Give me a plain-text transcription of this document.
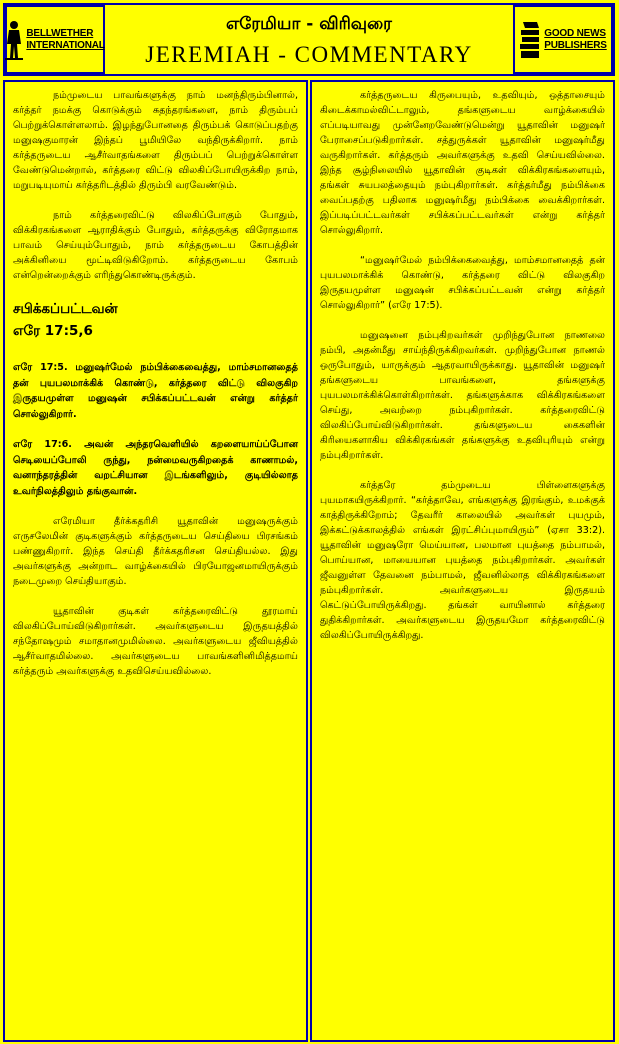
BELLWETHER
INTERNATIONAL
எரேமியா - விரிவுரை
JEREMIAH - COMMENTARY
GOOD NEWS
PUBLISHERS

நம்முடைய பாவங்களுக்கு நாம் மனந்திரும்பினால், கர்த்தர் நமக்கு கொடுக்கும் சுதந்தரங்களை, நாம் திரும்பப் பெற்றுக்கொள்ளலாம். இழந்துபோனதை திரும்பக் கொடுப்பதற்கு மனுஷகுமாரன் இந்தப் பூமியிலே வந்திருக்கிறார். நாம் கர்த்தருடைய ஆசீர்வாதங்களை திரும்பப் பெற்றுக்கொள்ள வேண்டுமென்றால், கர்த்தரை விட்டு விலகிப்போயிருக்கிற நாம், மறுபடியுமாய் கர்த்தரிடத்தில் திரும்பி வரவேண்டும்.

நாம் கர்த்தரைவிட்டு விலகிப்போகும் போதும், விக்கிரகங்களை ஆராதிக்கும் போதும், கர்த்தருக்கு விரோதமாக பாவம் செய்யும்போதும், நாம் கர்த்தருடைய கோபத்தின் அக்கினியை மூட்டிவிடுகிறோம். கர்த்தருடைய கோபம் என்றென்றைக்கும் எரிந்துகொண்டிருக்கும்.

சபிக்கப்பட்டவன்
எரே 17:5,6

எரே 17:5. மனுஷர்மேல் நம்பிக்கைவைத்து, மாம்சமானதைத் தன் புயபலமாக்கிக் கொண்டு, கர்த்தரை விட்டு விலகுகிற இருதயமுள்ள மனுஷன் சபிக்கப்பட்டவன் என்று கர்த்தர் சொல்லுகிறார்.

எரே 17:6. அவன் அந்தரவெளியில் கறளையாய்ப்போன செடியைப்போலி ருந்து, நன்மைவருகிறதைக் காணாமல், வனாந்தரத்தின் வறட்சியான இடங்களிலும், குடியில்லாத உவர்நிலத்திலும் தங்குவான்.

எரேமியா தீர்க்கதரிசி யூதாவின் மனுஷருக்கும் எருசலேமின் குடிகளுக்கும் கர்த்தருடைய செய்தியை பிரசங்கம் பண்ணுகிறார். இந்த செய்தி தீர்க்கதரிசன செய்தியல்ல. இது அவர்களுக்கு அன்றாட வாழ்க்கையில் பிரயோஜனமாயிருக்கும் நடைமுறை செய்தியாகும்.

யூதாவின் குடிகள் கர்த்தரைவிட்டு தூரமாய் விலகிப்போய்விடுகிறார்கள். அவர்களுடைய இருதயத்தில் சந்தோஷமும் சமாதானமுமில்லை. அவர்களுடைய ஜீவியத்தில் ஆசீர்வாதமில்லை. அவர்களுடைய பாவங்களினிமித்தமாய் கர்த்தரும் அவர்களுக்கு உதவிசெய்யவில்லை.

கர்த்தருடைய கிருபையும், உதவியும், ஒத்தாசையும் கிடைக்காமல்விட்டாலும், தங்களுடைய வாழ்க்கையில் எப்படியாவது முன்னேறவேண்டுமென்று யூதாவின் மனுஷர் பேராசைப்படுகிறார்கள். சத்துருக்கள் யூதாவின் மனுஷர்மீது வருகிறார்கள். கர்த்தரும் அவர்களுக்கு உதவி செய்யவில்லை. இந்த சூழ்நிலையில் யூதாவின் குடிகள் விக்கிரகங்களையும், தங்கள் சுயபலத்தையும் நம்புகிறார்கள். கர்த்தர்மீது நம்பிக்கை வைப்பதற்கு பதிலாக மனுஷர்மீது நம்பிக்கை வைக்கிறார்கள். இப்படிப்பட்டவர்கள் சபிக்கப்பட்டவர்கள் என்று கர்த்தர் சொல்லுகிறார்.

“மனுஷர்மேல் நம்பிக்கைவைத்து, மாம்சமானதைத் தன் புயபலமாக்கிக் கொண்டு, கர்த்தரை விட்டு விலகுகிற இருதயமுள்ள மனுஷன் சபிக்கப்பட்டவன் என்று கர்த்தர் சொல்லுகிறார்” (எரே 17:5).

மனுஷனை நம்புகிறவர்கள் முறிந்துபோன நாணலை நம்பி, அதன்மீது சாய்ந்திருக்கிறவர்கள். முறிந்துபோன நாணல் ஒருபோதும், யாருக்கும் ஆதரவாயிருக்காது. யூதாவின் மனுஷர் தங்களுடைய பாவங்களை, தங்களுக்கு புயபலமாக்கிக்கொள்கிறார்கள். தங்களுக்காக விக்கிரகங்களை செய்து, அவற்றை நம்புகிறார்கள். கர்த்தரைவிட்டு விலகிப்போய்விடுகிறார்கள். தங்களுடைய கைகளின் கிரியைகளாகிய விக்கிரகங்கள் தங்களுக்கு உதவிபுரியும் என்று நம்புகிறார்கள்.

கர்த்தரே தம்முடைய பிள்ளைகளுக்கு புயமாகயிருக்கிறார். “கர்த்தாவே, எங்களுக்கு இரங்கும், உமக்குக் காத்திருக்கிறோம்; தேவரீர் காலையில் அவர்கள் புயமும், இக்கட்டுக்காலத்தில் எங்கள் இரட்சிப்புமாயிரும்” (ஏசா 33:2). யூதாவின் மனுஷரோ மெய்யான, பலமான புயத்தை நம்பாமல், பொய்யான, மாயையான புயத்தை நம்புகிறார்கள். அவர்கள் ஜீவனுள்ள தேவனை நம்பாமல், ஜீவனில்லாத விக்கிரகங்களை நம்புகிறார்கள். அவர்களுடைய இருதயம் கெட்டுப்போயிருக்கிறது. தங்கள் வாயினால் கர்த்தரை துதிக்கிறார்கள். அவர்களுடைய இருதயமோ கர்த்தரைவிட்டு விலகிப்போயிருக்கிறது.
